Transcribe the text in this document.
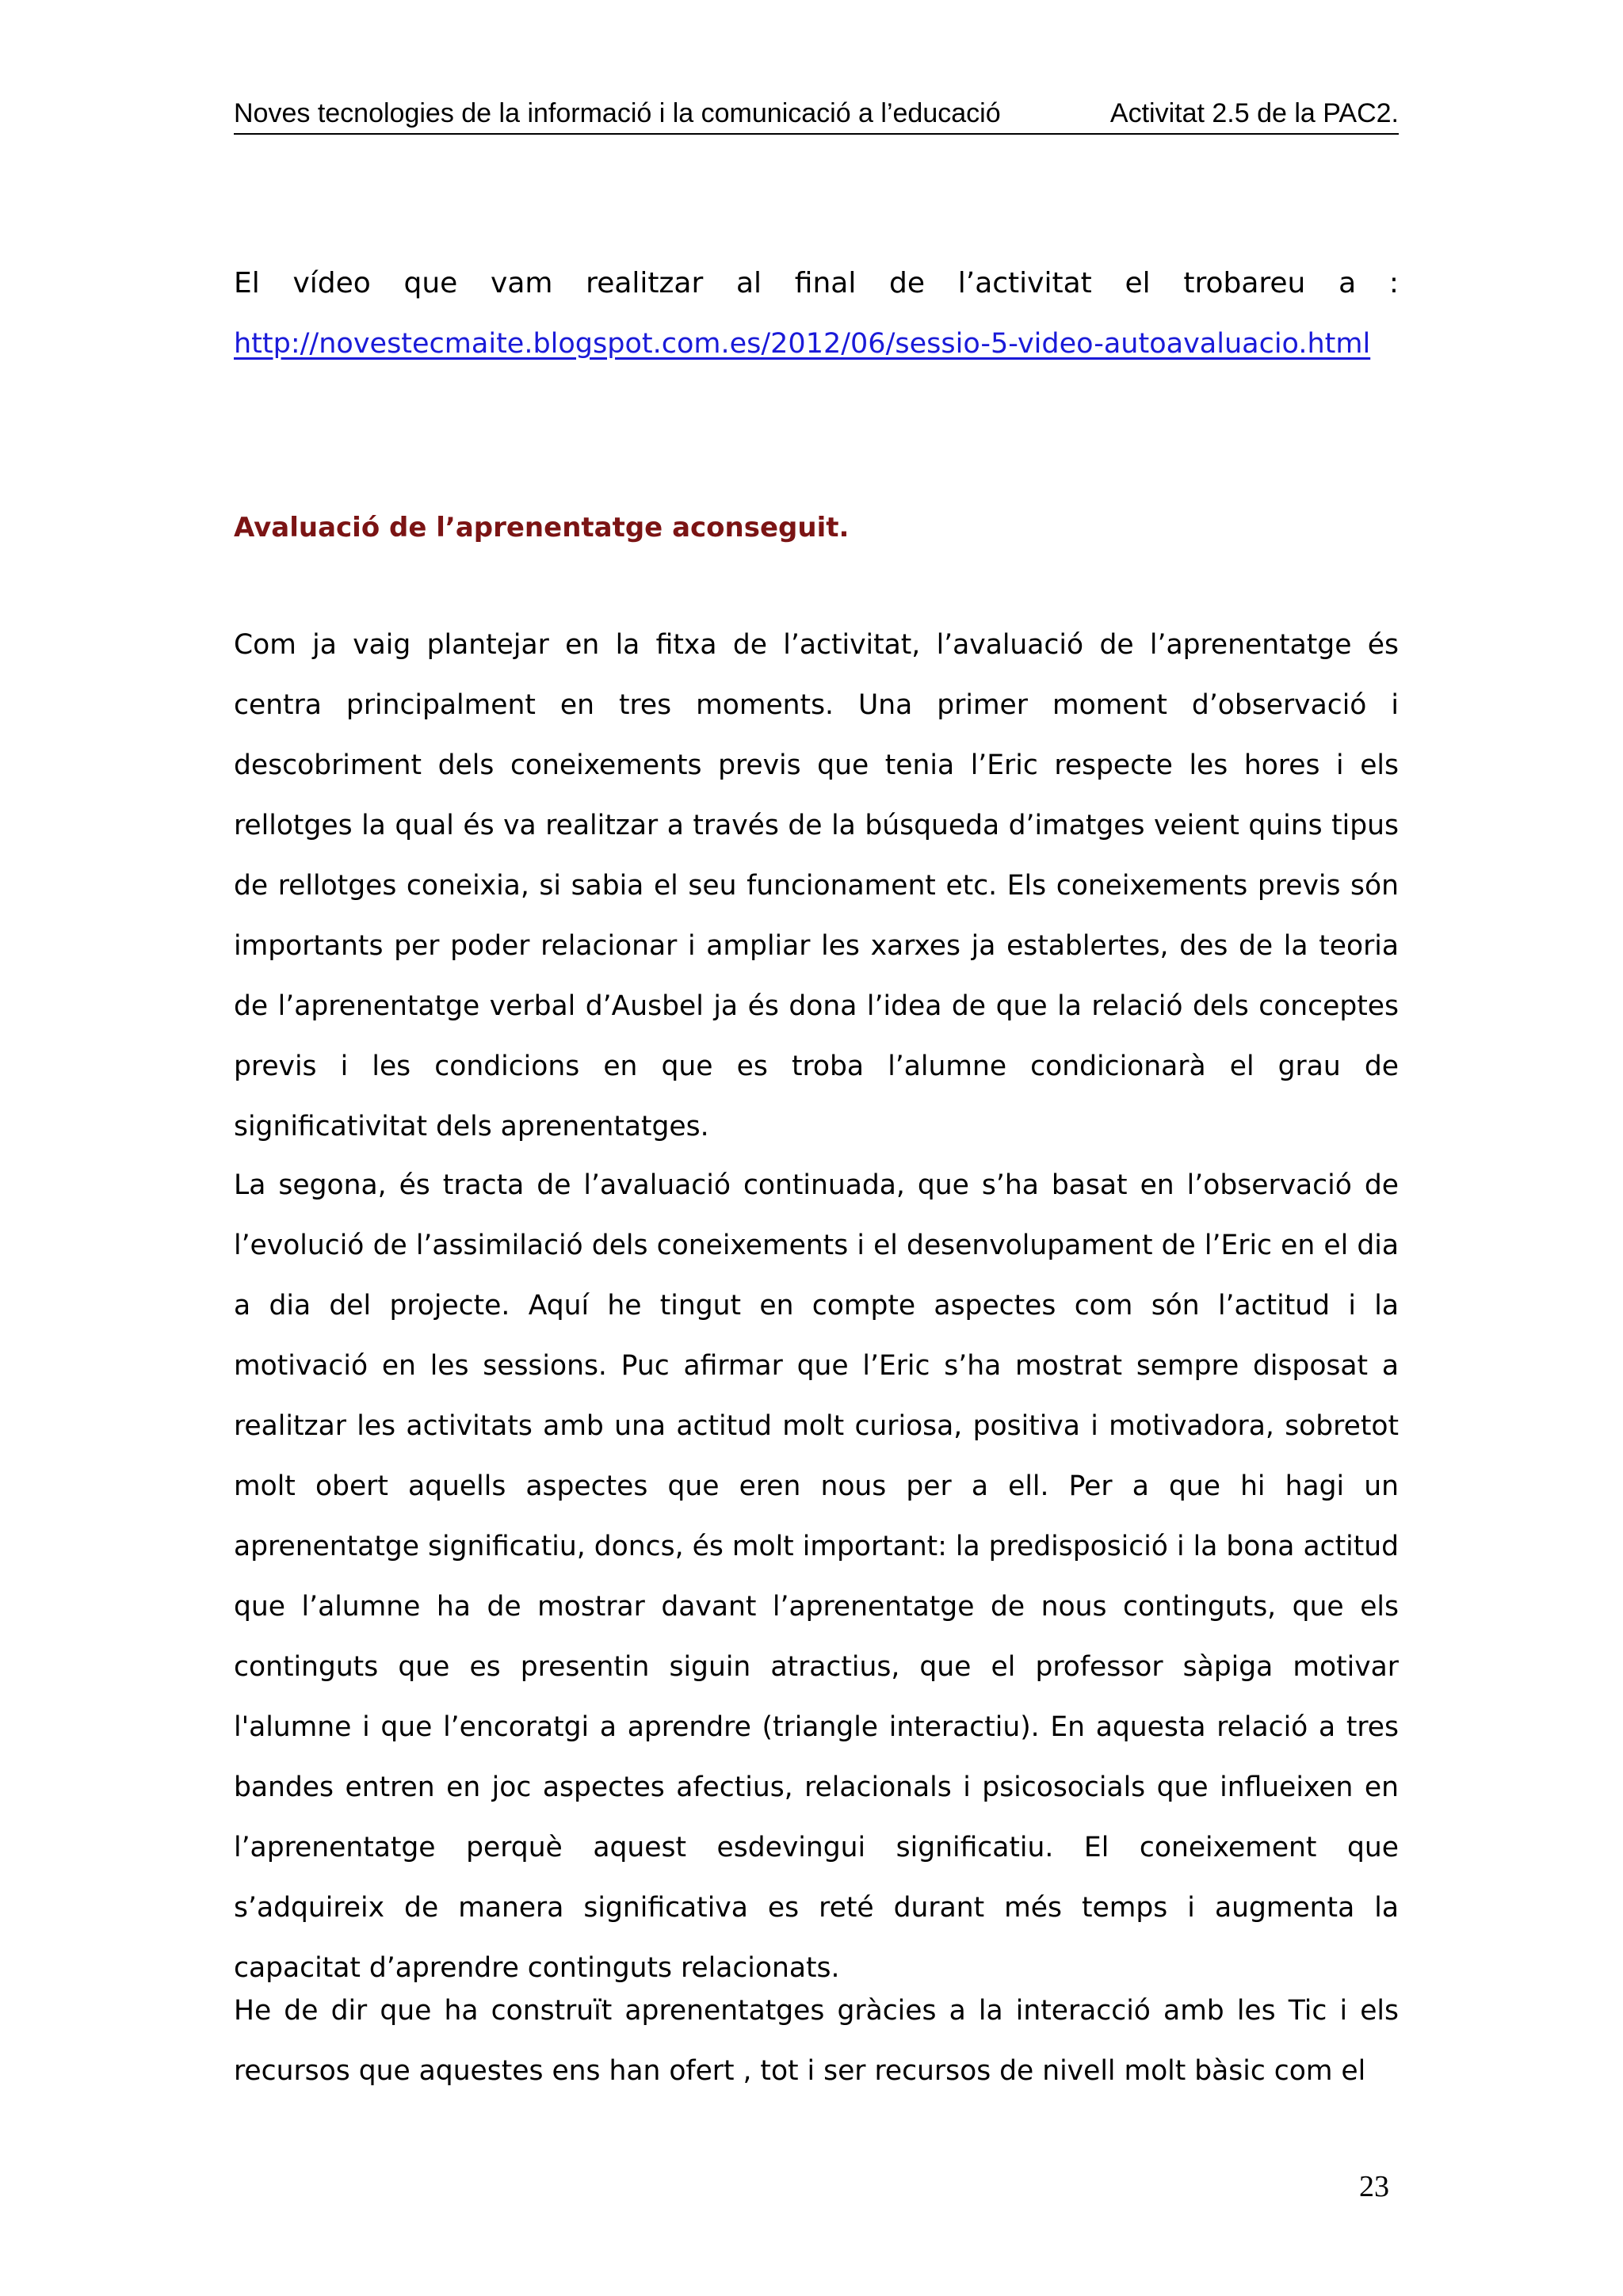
Noves tecnologies de la informació i la comunicació a l’educació	Activitat 2.5 de la PAC2.
El vídeo que vam realitzar al final de l’activitat el trobareu a :
http://novestecmaite.blogspot.com.es/2012/06/sessio-5-video-autoavaluacio.html
Avaluació de l’aprenentatge aconseguit.

Com ja vaig plantejar en la fitxa de l’activitat, l’avaluació de l’aprenentatge és centra principalment en tres moments. Una primer moment d’observació i descobriment dels coneixements previs que tenia l’Eric respecte les hores i els rellotges la qual és va realitzar a través de la búsqueda d’imatges veient quins tipus de rellotges coneixia, si sabia el seu funcionament etc. Els coneixements previs són importants per poder relacionar i ampliar les xarxes ja establertes, des de la teoria de l’aprenentatge verbal d’Ausbel ja és dona l’idea de que la relació dels conceptes previs i les condicions en que es troba l’alumne condicionarà el grau de significativitat dels aprenentatges.

La segona, és tracta de l’avaluació continuada, que s’ha basat en l’observació de l’evolució de l’assimilació dels coneixements i el desenvolupament de l’Eric en el dia a dia del projecte. Aquí he tingut en compte aspectes com són l’actitud i la motivació en les sessions. Puc afirmar que l’Eric s’ha mostrat sempre disposat a realitzar les activitats amb una actitud molt curiosa, positiva i motivadora, sobretot molt obert aquells aspectes que eren nous per a ell. Per a que hi hagi un aprenentatge significatiu, doncs, és molt important: la predisposició i la bona actitud que l’alumne ha de mostrar davant l’aprenentatge de nous continguts, que els continguts que es presentin siguin atractius, que el professor sàpiga motivar l'alumne i que l’encoratgi a aprendre (triangle interactiu). En aquesta relació a tres bandes entren en joc aspectes afectius, relacionals i psicosocials que influeixen en l’aprenentatge perquè aquest esdevingui significatiu. El coneixement que s’adquireix de manera significativa es reté durant més temps i augmenta la capacitat d’aprendre continguts relacionats.

He de dir que ha construït aprenentatges gràcies a la interacció amb les Tic i els recursos que aquestes ens han ofert , tot i ser recursos de nivell molt bàsic com el

23
